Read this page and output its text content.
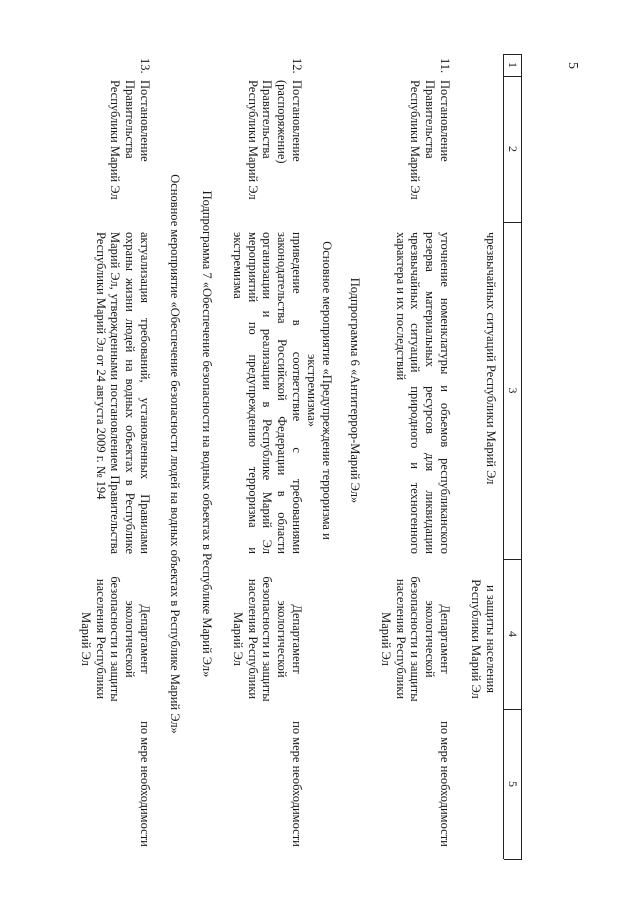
5
1
2
3
4
5
чрезвычайных ситуаций Республики Марий Эл
и защиты населения Республики Марий Эл
11.
Постановление Правительства Республики Марий Эл
уточнение номенклатуры и объемов республиканского резерва материальных ресурсов для ликвидации чрезвычайных ситуаций природного и техногенного характера и их последствий
Департамент экологической безопасности и защиты населения Республики Марий Эл
по мере необходимости
Подпрограмма 6 «Антитеррор-Марий Эл»
Основное мероприятие «Предупреждение терроризма и экстремизма»
12.
Постановление (распоряжение) Правительства Республики Марий Эл
приведение в соответствие с требованиями законодательства Российской Федерации в области организации и реализации в Республике Марий Эл мероприятий по предупреждению терроризма и экстремизма
Департамент экологической безопасности и защиты населения Республики Марий Эл
по мере необходимости
Подпрограмма 7 «Обеспечение безопасности на водных объектах в Республике Марий Эл»
Основное мероприятие «Обеспечение безопасности людей на водных объектах в Республике Марий Эл»
13.
Постановление Правительства Республики Марий Эл
актуализация требований, установленных Правилами охраны жизни людей на водных объектах в Республике Марий Эл, утвержденными постановлением Правительства Республики Марий Эл от 24 августа 2009 г. № 194
Департамент экологической безопасности и защиты населения Республики Марий Эл
по мере необходимости
